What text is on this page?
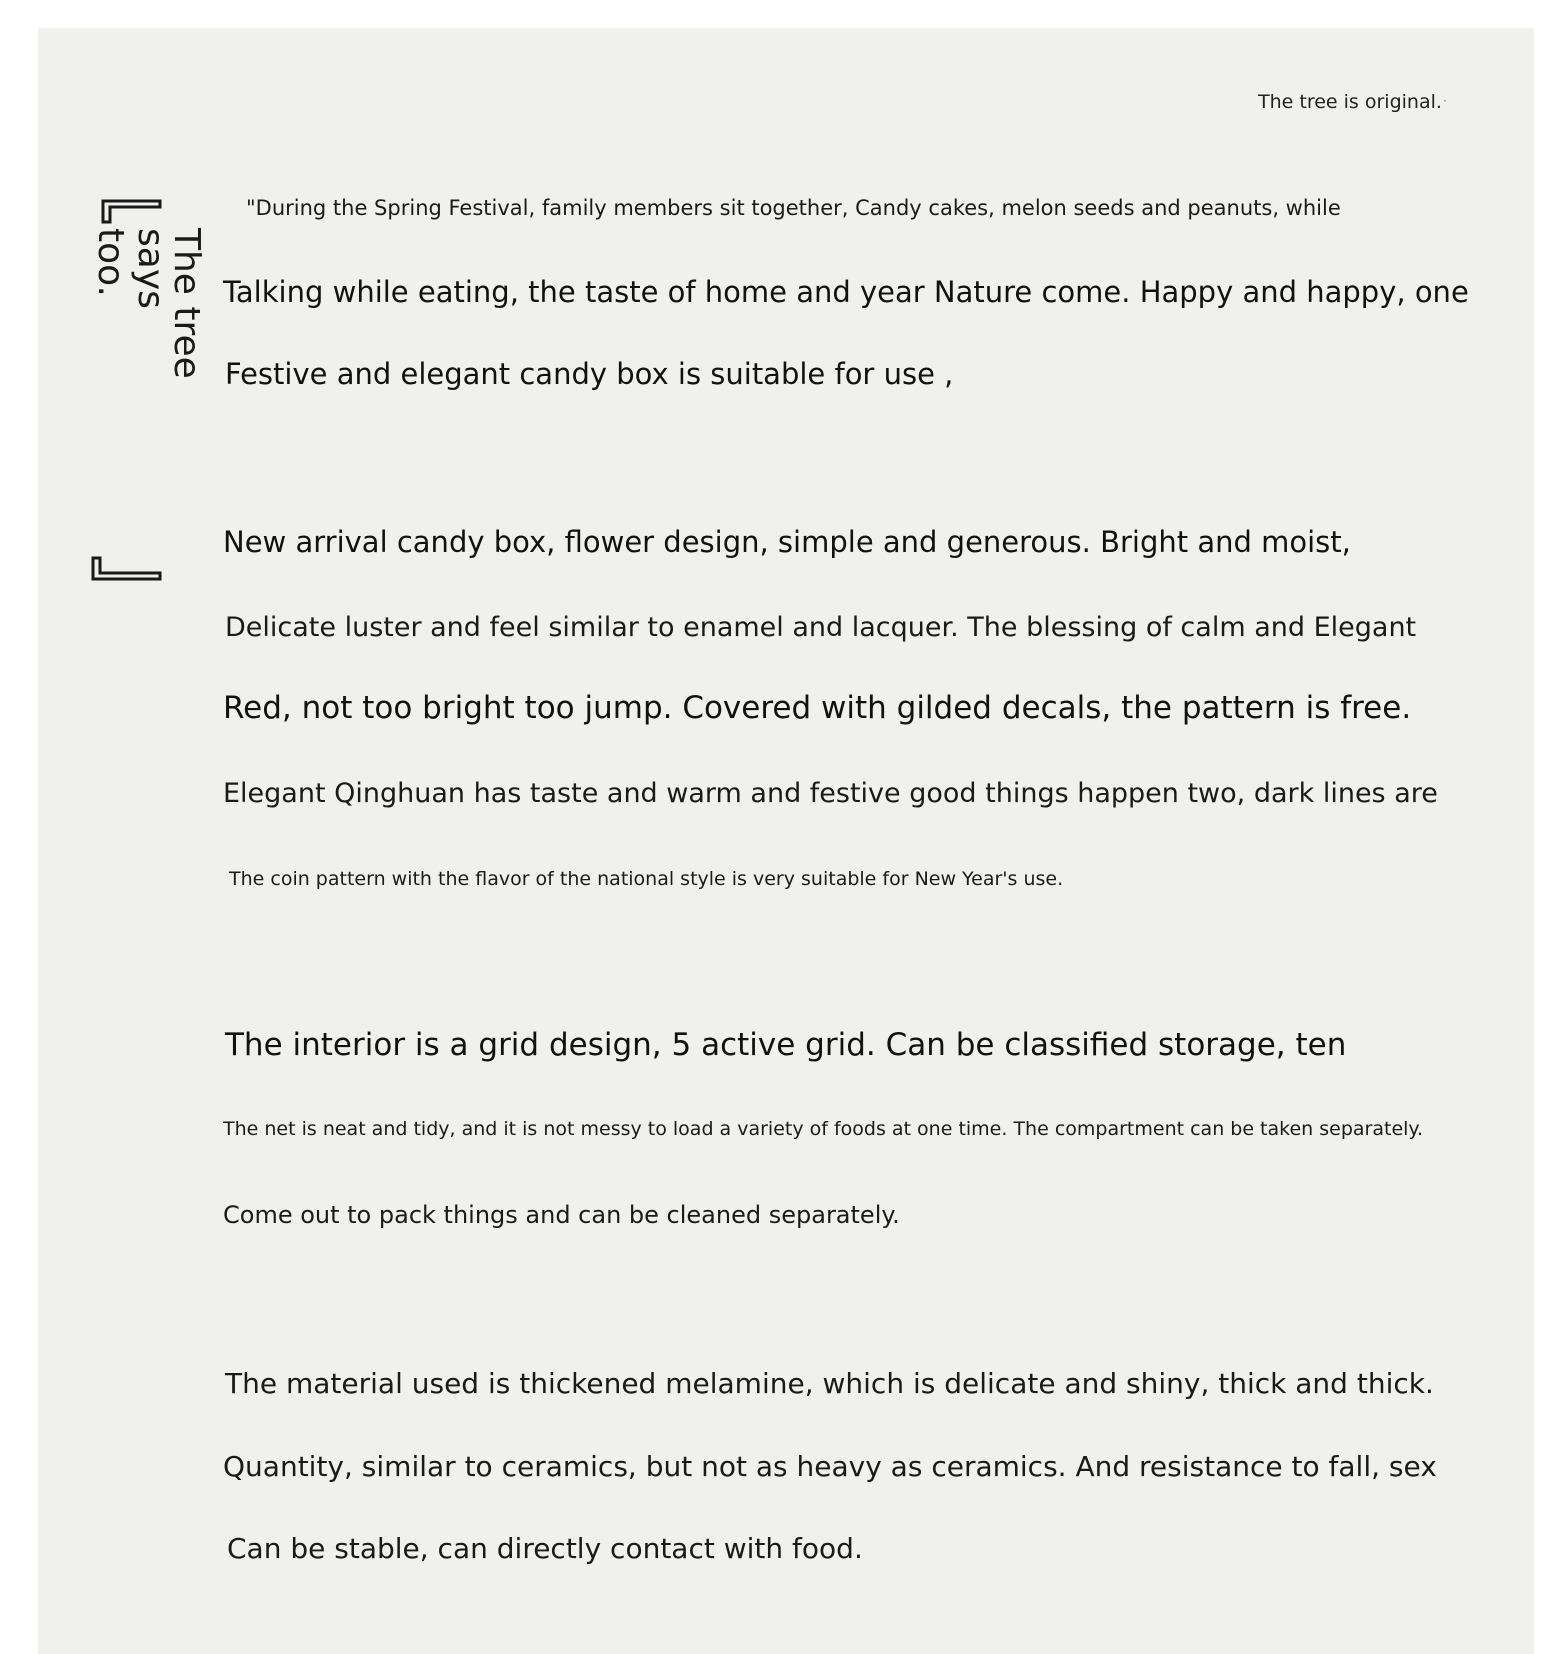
The tree is original. ·
The tree says
too.
"During the Spring Festival, family members sit together, Candy cakes, melon seeds and peanuts, while
Talking while eating, the taste of home and year Nature come. Happy and happy, one
Festive and elegant candy box is suitable for use ,
New arrival candy box, flower design, simple and generous. Bright and moist,
Delicate luster and feel similar to enamel and lacquer. The blessing of calm and Elegant
Red, not too bright too jump. Covered with gilded decals, the pattern is free.
Elegant Qinghuan has taste and warm and festive good things happen two, dark lines are
The coin pattern with the flavor of the national style is very suitable for New Year's use.
The interior is a grid design, 5 active grid. Can be classified storage, ten
The net is neat and tidy, and it is not messy to load a variety of foods at one time. The compartment can be taken separately.
Come out to pack things and can be cleaned separately.
The material used is thickened melamine, which is delicate and shiny, thick and thick.
Quantity, similar to ceramics, but not as heavy as ceramics. And resistance to fall, sex
Can be stable, can directly contact with food.
